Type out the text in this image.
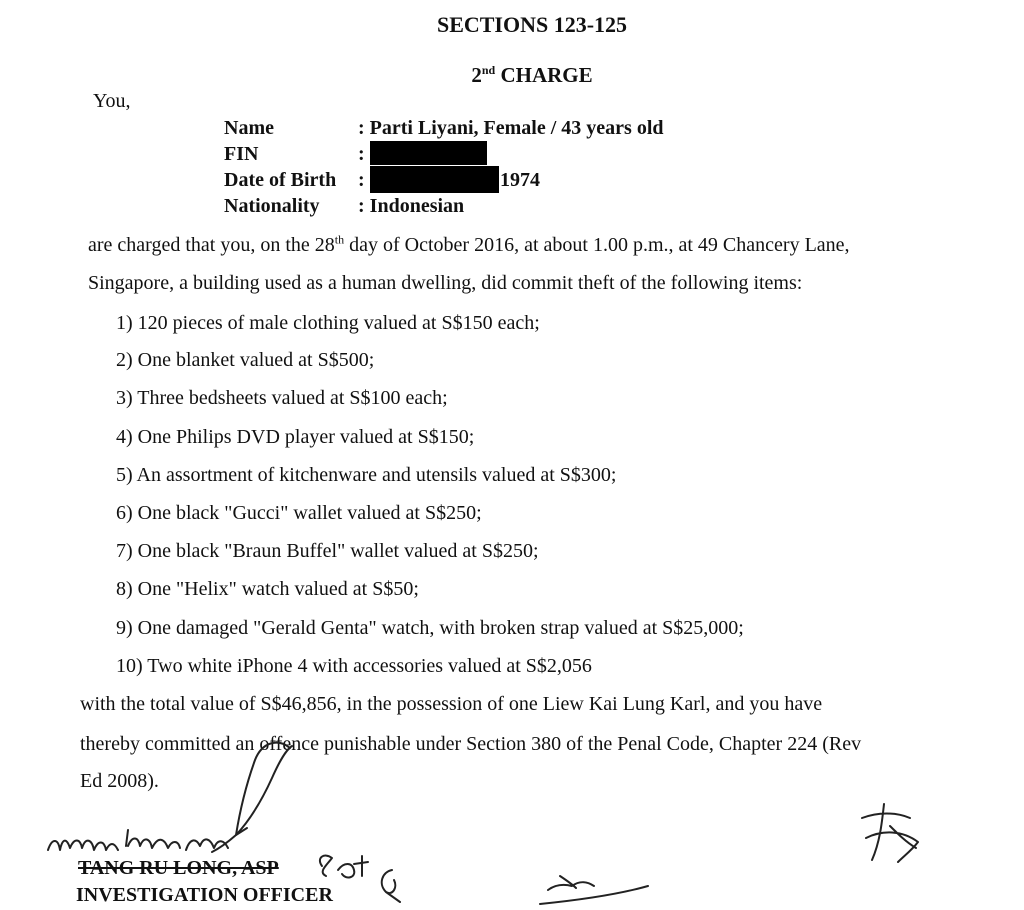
SECTIONS 123-125
2nd CHARGE
You,
Name	: Parti Liyani, Female / 43 years old
FIN	:
Date of Birth :	1974
Nationality : Indonesian
are charged that you, on the 28th day of October 2016, at about 1.00 p.m., at 49 Chancery Lane,
Singapore, a building used as a human dwelling, did commit theft of the following items:
1) 120 pieces of male clothing valued at S$150 each;
2) One blanket valued at S$500;
3) Three bedsheets valued at S$100 each;
4) One Philips DVD player valued at S$150;
5) An assortment of kitchenware and utensils valued at S$300;
6) One black "Gucci" wallet valued at S$250;
7) One black "Braun Buffel" wallet valued at S$250;
8) One "Helix" watch valued at S$50;
9) One damaged "Gerald Genta" watch, with broken strap valued at S$25,000;
10) Two white iPhone 4 with accessories valued at S$2,056
with the total value of S$46,856, in the possession of one Liew Kai Lung Karl, and you have
thereby committed an offence punishable under Section 380 of the Penal Code, Chapter 224 (Rev
Ed 2008).
TANG RU LONG, ASP
INVESTIGATION OFFICER
